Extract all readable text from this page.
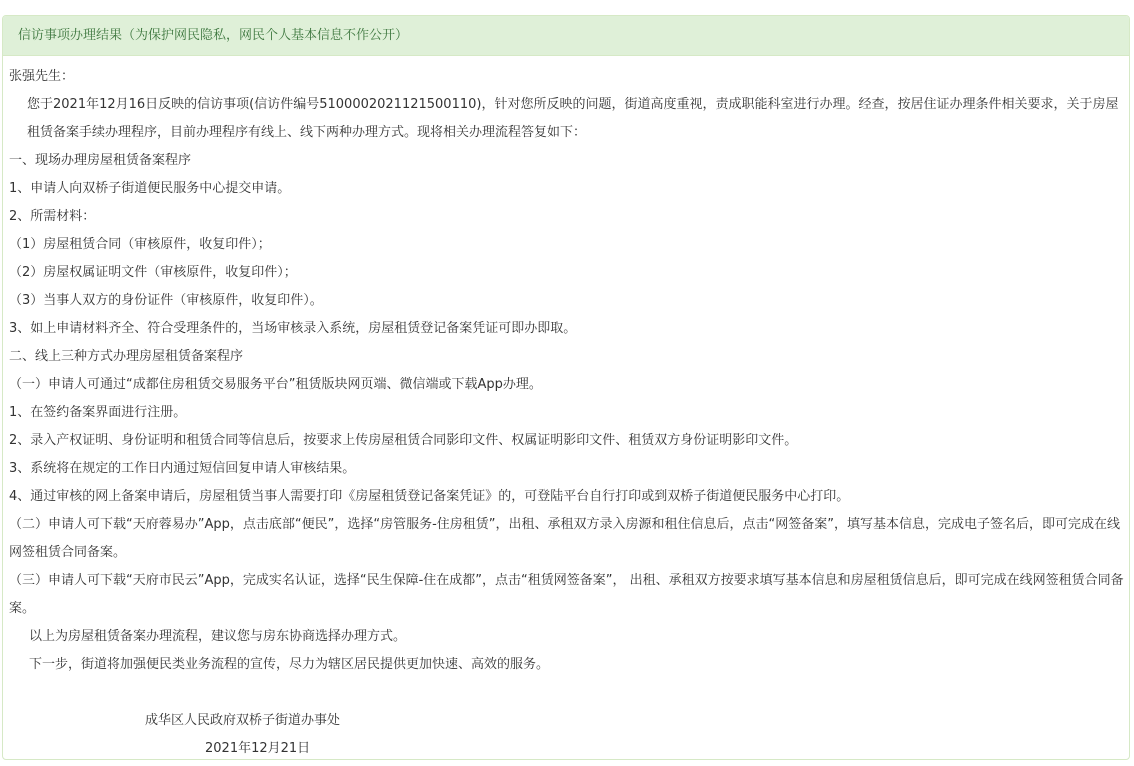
信访事项办理结果（为保护网民隐私，网民个人基本信息不作公开）

张强先生：

您于2021年12月16日反映的信访事项(信访件编号5100002021121500110)，针对您所反映的问题，街道高度重视，责成职能科室进行办理。经查，按居住证办理条件相关要求，关于房屋租赁备案手续办理程序，目前办理程序有线上、线下两种办理方式。现将相关办理流程答复如下：

一、现场办理房屋租赁备案程序

1、申请人向双桥子街道便民服务中心提交申请。

2、所需材料：

（1）房屋租赁合同（审核原件，收复印件）；

（2）房屋权属证明文件（审核原件，收复印件）；

（3）当事人双方的身份证件（审核原件，收复印件）。

3、如上申请材料齐全、符合受理条件的，当场审核录入系统，房屋租赁登记备案凭证可即办即取。

二、线上三种方式办理房屋租赁备案程序

（一）申请人可通过“成都住房租赁交易服务平台”租赁版块网页端、微信端或下载App办理。

1、在签约备案界面进行注册。

2、录入产权证明、身份证明和租赁合同等信息后，按要求上传房屋租赁合同影印文件、权属证明影印文件、租赁双方身份证明影印文件。

3、系统将在规定的工作日内通过短信回复申请人审核结果。

4、通过审核的网上备案申请后，房屋租赁当事人需要打印《房屋租赁登记备案凭证》的，可登陆平台自行打印或到双桥子街道便民服务中心打印。

（二）申请人可下载“天府蓉易办”App，点击底部“便民”，选择“房管服务-住房租赁”，出租、承租双方录入房源和租住信息后，点击“网签备案”，填写基本信息，完成电子签名后，即可完成在线网签租赁合同备案。

（三）申请人可下载“天府市民云”App，完成实名认证，选择“民生保障-住在成都”，点击“租赁网签备案”， 出租、承租双方按要求填写基本信息和房屋租赁信息后，即可完成在线网签租赁合同备案。

以上为房屋租赁备案办理流程，建议您与房东协商选择办理方式。

下一步，街道将加强便民类业务流程的宣传，尽力为辖区居民提供更加快速、高效的服务。

成华区人民政府双桥子街道办事处

2021年12月21日
